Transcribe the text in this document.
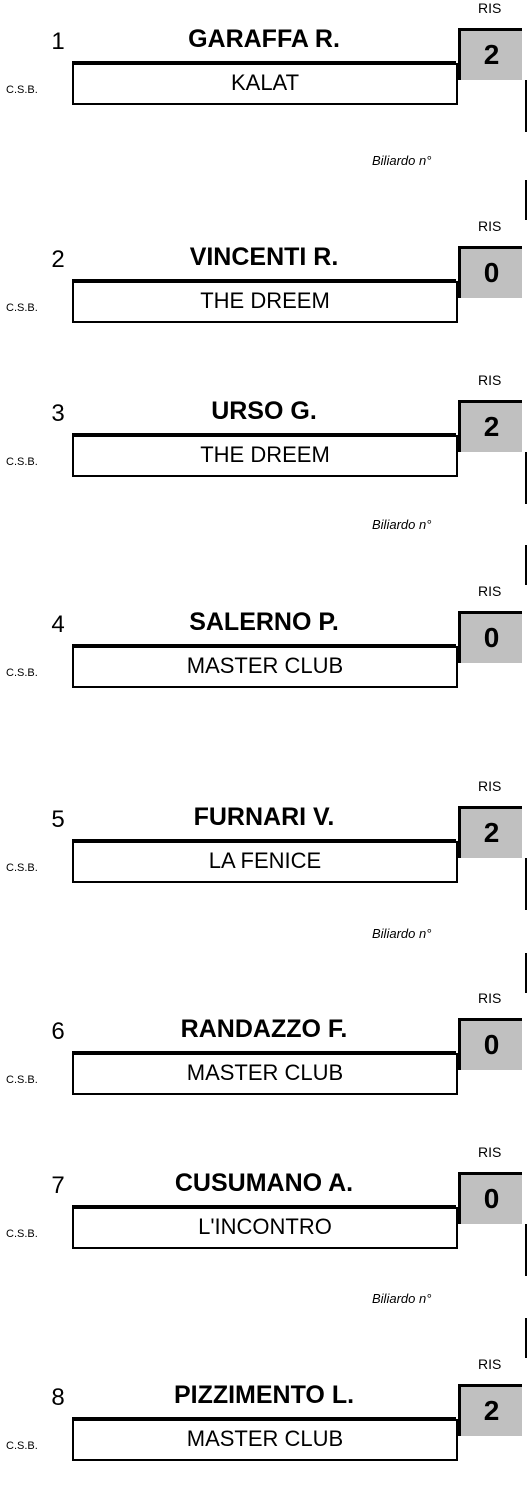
RIS
1	GARAFFA R.	2
C.S.B.	KALAT
Biliardo n°
RIS
2	VINCENTI R.	0
C.S.B.	THE DREEM
RIS
3	URSO G.	2
C.S.B.	THE DREEM
Biliardo n°
RIS
4	SALERNO P.	0
C.S.B.	MASTER CLUB
RIS
5	FURNARI V.	2
C.S.B.	LA FENICE
Biliardo n°
RIS
6	RANDAZZO F.	0
C.S.B.	MASTER CLUB
RIS
7	CUSUMANO A.	0
C.S.B.	L'INCONTRO
Biliardo n°
RIS
8	PIZZIMENTO L.	2
C.S.B.	MASTER CLUB
